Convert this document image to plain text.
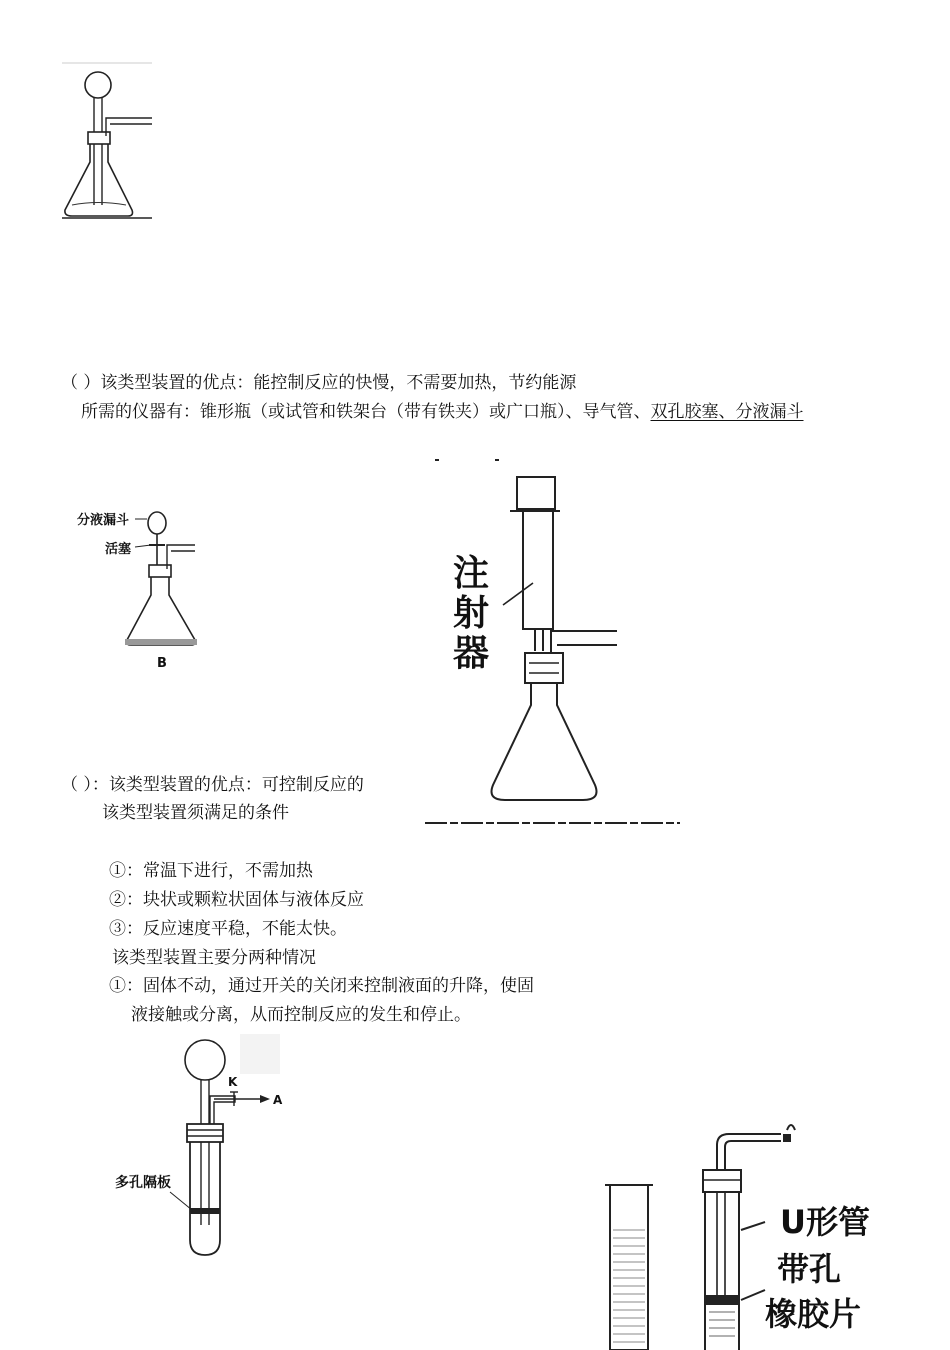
（ ）该类型装置的优点：能控制反应的快慢，不需要加热，节约能源
所需的仪器有：锥形瓶（或试管和铁架台（带有铁夹）或广口瓶）、导气管、双孔胶塞、分液漏斗
分液漏斗
活塞
B
注
射
器
（ ）：该类型装置的优点：可控制反应的
该类型装置须满足的条件
①：常温下进行，不需加热
②：块状或颗粒状固体与液体反应
③：反应速度平稳，不能太快。
该类型装置主要分两种情况
①：固体不动，通过开关的关闭来控制液面的升降，使固
液接触或分离，从而控制反应的发生和停止。
K
A
多孔隔板
U形管
带孔
橡胶片
